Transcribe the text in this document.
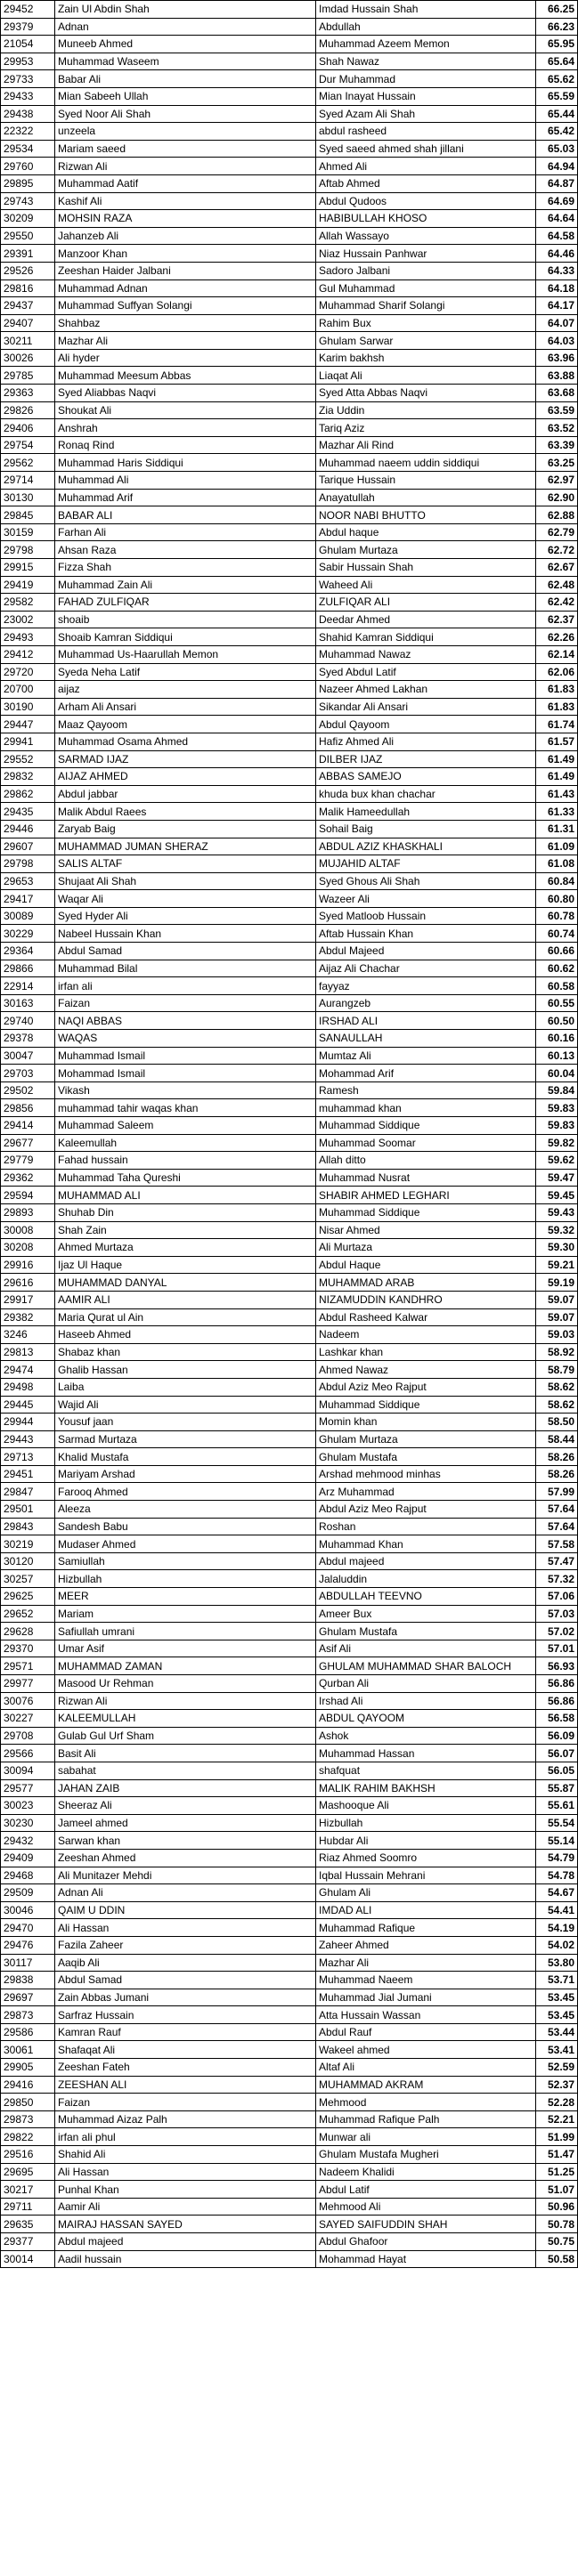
29452	Zain Ul Abdin Shah	Imdad Hussain Shah	66.25
29379	Adnan	Abdullah	66.23
21054	Muneeb Ahmed	Muhammad Azeem Memon	65.95
29953	Muhammad Waseem	Shah Nawaz	65.64
29733	Babar Ali	Dur Muhammad	65.62
29433	Mian Sabeeh Ullah	Mian Inayat Hussain	65.59
29438	Syed Noor Ali Shah	Syed Azam Ali Shah	65.44
22322	unzeela	abdul rasheed	65.42
29534	Mariam saeed	Syed saeed ahmed shah jillani	65.03
29760	Rizwan Ali	Ahmed Ali	64.94
29895	Muhammad Aatif	Aftab Ahmed	64.87
29743	Kashif Ali	Abdul Qudoos	64.69
30209	MOHSIN RAZA	HABIBULLAH KHOSO	64.64
29550	Jahanzeb Ali	Allah Wassayo	64.58
29391	Manzoor Khan	Niaz Hussain Panhwar	64.46
29526	Zeeshan Haider Jalbani	Sadoro Jalbani	64.33
29816	Muhammad Adnan	Gul Muhammad	64.18
29437	Muhammad Suffyan Solangi	Muhammad Sharif Solangi	64.17
29407	Shahbaz	Rahim Bux	64.07
30211	Mazhar Ali	Ghulam Sarwar	64.03
30026	Ali hyder	Karim bakhsh	63.96
29785	Muhammad Meesum Abbas	Liaqat Ali	63.88
29363	Syed Aliabbas Naqvi	Syed Atta Abbas Naqvi	63.68
29826	Shoukat Ali	Zia Uddin	63.59
29406	Anshrah	Tariq Aziz	63.52
29754	Ronaq Rind	Mazhar Ali Rind	63.39
29562	Muhammad Haris Siddiqui	Muhammad naeem uddin siddiqui	63.25
29714	Muhammad Ali	Tarique Hussain	62.97
30130	Muhammad Arif	Anayatullah	62.90
29845	BABAR ALI	NOOR NABI BHUTTO	62.88
30159	Farhan Ali	Abdul haque	62.79
29798	Ahsan Raza	Ghulam Murtaza	62.72
29915	Fizza Shah	Sabir Hussain Shah	62.67
29419	Muhammad Zain Ali	Waheed Ali	62.48
29582	FAHAD ZULFIQAR	ZULFIQAR ALI	62.42
23002	shoaib	Deedar Ahmed	62.37
29493	Shoaib Kamran Siddiqui	Shahid Kamran Siddiqui	62.26
29412	Muhammad Us-Haarullah Memon	Muhammad Nawaz	62.14
29720	Syeda Neha Latif	Syed Abdul Latif	62.06
20700	aijaz	Nazeer Ahmed Lakhan	61.83
30190	Arham Ali Ansari	Sikandar Ali Ansari	61.83
29447	Maaz Qayoom	Abdul Qayoom	61.74
29941	Muhammad Osama Ahmed	Hafiz Ahmed Ali	61.57
29552	SARMAD IJAZ	DILBER IJAZ	61.49
29832	AIJAZ AHMED	ABBAS SAMEJO	61.49
29862	Abdul jabbar	khuda bux khan chachar	61.43
29435	Malik Abdul Raees	Malik Hameedullah	61.33
29446	Zaryab Baig	Sohail Baig	61.31
29607	MUHAMMAD JUMAN SHERAZ	ABDUL AZIZ KHASKHALI	61.09
29798	SALIS ALTAF	MUJAHID ALTAF	61.08
29653	Shujaat Ali Shah	Syed Ghous Ali Shah	60.84
29417	Waqar Ali	Wazeer Ali	60.80
30089	Syed Hyder Ali	Syed Matloob Hussain	60.78
30229	Nabeel Hussain Khan	Aftab Hussain Khan	60.74
29364	Abdul Samad	Abdul Majeed	60.66
29866	Muhammad Bilal	Aijaz Ali Chachar	60.62
22914	irfan ali	fayyaz	60.58
30163	Faizan	Aurangzeb	60.55
29740	NAQI ABBAS	IRSHAD ALI	60.50
29378	WAQAS	SANAULLAH	60.16
30047	Muhammad Ismail	Mumtaz Ali	60.13
29703	Mohammad Ismail	Mohammad Arif	60.04
29502	Vikash	Ramesh	59.84
29856	muhammad tahir waqas khan	muhammad khan	59.83
29414	Muhammad Saleem	Muhammad Siddique	59.83
29677	Kaleemullah	Muhammad Soomar	59.82
29779	Fahad hussain	Allah ditto	59.62
29362	Muhammad Taha Qureshi	Muhammad Nusrat	59.47
29594	MUHAMMAD ALI	SHABIR AHMED LEGHARI	59.45
29893	Shuhab Din	Muhammad Siddique	59.43
30008	Shah Zain	Nisar Ahmed	59.32
30208	Ahmed Murtaza	Ali Murtaza	59.30
29916	Ijaz Ul Haque	Abdul Haque	59.21
29616	MUHAMMAD DANYAL	MUHAMMAD ARAB	59.19
29917	AAMIR ALI	NIZAMUDDIN KANDHRO	59.07
29382	Maria Qurat ul Ain	Abdul Rasheed Kalwar	59.07
3246	Haseeb Ahmed	Nadeem	59.03
29813	Shabaz khan	Lashkar khan	58.92
29474	Ghalib Hassan	Ahmed Nawaz	58.79
29498	Laiba	Abdul Aziz Meo Rajput	58.62
29445	Wajid Ali	Muhammad Siddique	58.62
29944	Yousuf jaan	Momin khan	58.50
29443	Sarmad Murtaza	Ghulam Murtaza	58.44
29713	Khalid Mustafa	Ghulam Mustafa	58.26
29451	Mariyam Arshad	Arshad mehmood minhas	58.26
29847	Farooq Ahmed	Arz Muhammad	57.99
29501	Aleeza	Abdul Aziz Meo Rajput	57.64
29843	Sandesh Babu	Roshan	57.64
30219	Mudaser Ahmed	Muhammad Khan	57.58
30120	Samiullah	Abdul majeed	57.47
30257	Hizbullah	Jalaluddin	57.32
29625	MEER	ABDULLAH TEEVNO	57.06
29652	Mariam	Ameer Bux	57.03
29628	Safiullah umrani	Ghulam Mustafa	57.02
29370	Umar Asif	Asif Ali	57.01
29571	MUHAMMAD ZAMAN	GHULAM MUHAMMAD SHAR BALOCH	56.93
29977	Masood Ur Rehman	Qurban Ali	56.86
30076	Rizwan Ali	Irshad Ali	56.86
30227	KALEEMULLAH	ABDUL QAYOOM	56.58
29708	Gulab Gul Urf Sham	Ashok	56.09
29566	Basit Ali	Muhammad Hassan	56.07
30094	sabahat	shafquat	56.05
29577	JAHAN ZAIB	MALIK RAHIM BAKHSH	55.87
30023	Sheeraz Ali	Mashooque Ali	55.61
30230	Jameel ahmed	Hizbullah	55.54
29432	Sarwan khan	Hubdar Ali	55.14
29409	Zeeshan Ahmed	Riaz Ahmed Soomro	54.79
29468	Ali Munitazer Mehdi	Iqbal Hussain Mehrani	54.78
29509	Adnan Ali	Ghulam Ali	54.67
30046	QAIM U DDIN	IMDAD ALI	54.41
29470	Ali Hassan	Muhammad Rafique	54.19
29476	Fazila Zaheer	Zaheer Ahmed	54.02
30117	Aaqib Ali	Mazhar Ali	53.80
29838	Abdul Samad	Muhammad Naeem	53.71
29697	Zain Abbas Jumani	Muhammad Jial Jumani	53.45
29873	Sarfraz Hussain	Atta Hussain Wassan	53.45
29586	Kamran Rauf	Abdul Rauf	53.44
30061	Shafaqat Ali	Wakeel ahmed	53.41
29905	Zeeshan Fateh	Altaf Ali	52.59
29416	ZEESHAN ALI	MUHAMMAD AKRAM	52.37
29850	Faizan	Mehmood	52.28
29873	Muhammad Aizaz Palh	Muhammad Rafique Palh	52.21
29822	irfan ali phul	Munwar ali	51.99
29516	Shahid Ali	Ghulam Mustafa Mugheri	51.47
29695	Ali Hassan	Nadeem Khalidi	51.25
30217	Punhal Khan	Abdul Latif	51.07
29711	Aamir Ali	Mehmood Ali	50.96
29635	MAIRAJ HASSAN SAYED	SAYED SAIFUDDIN SHAH	50.78
29377	Abdul majeed	Abdul Ghafoor	50.75
30014	Aadil hussain	Mohammad Hayat	50.58
